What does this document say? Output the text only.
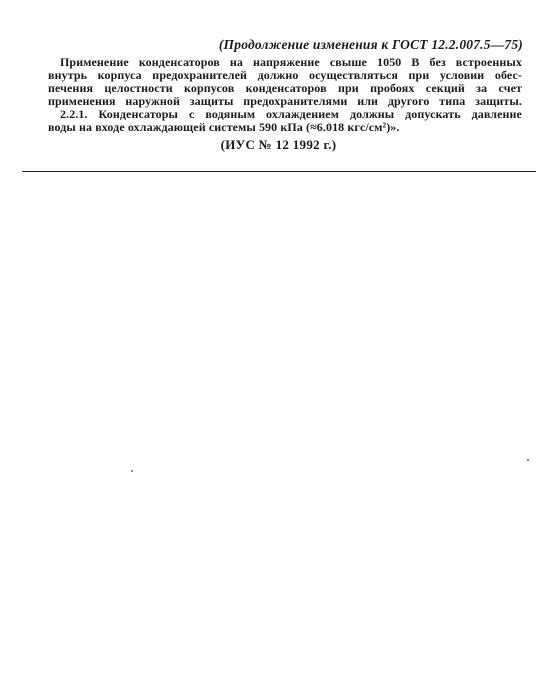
(Продолжение изменения к ГОСТ 12.2.007.5—75)
Применение конденсаторов на напряжение свыше 1050 В без встроенных
внутрь корпуса предохранителей должно осуществляться при условии обес-
печения целостности корпусов конденсаторов при пробоях секций за счет
применения наружной защиты предохранителями или другого типа защиты.
2.2.1. Конденсаторы с водяным охлаждением должны допускать давление
воды на входе охлаждающей системы 590 кПа (≈6.018 кгс/см²)».
(ИУС № 12 1992 г.)
